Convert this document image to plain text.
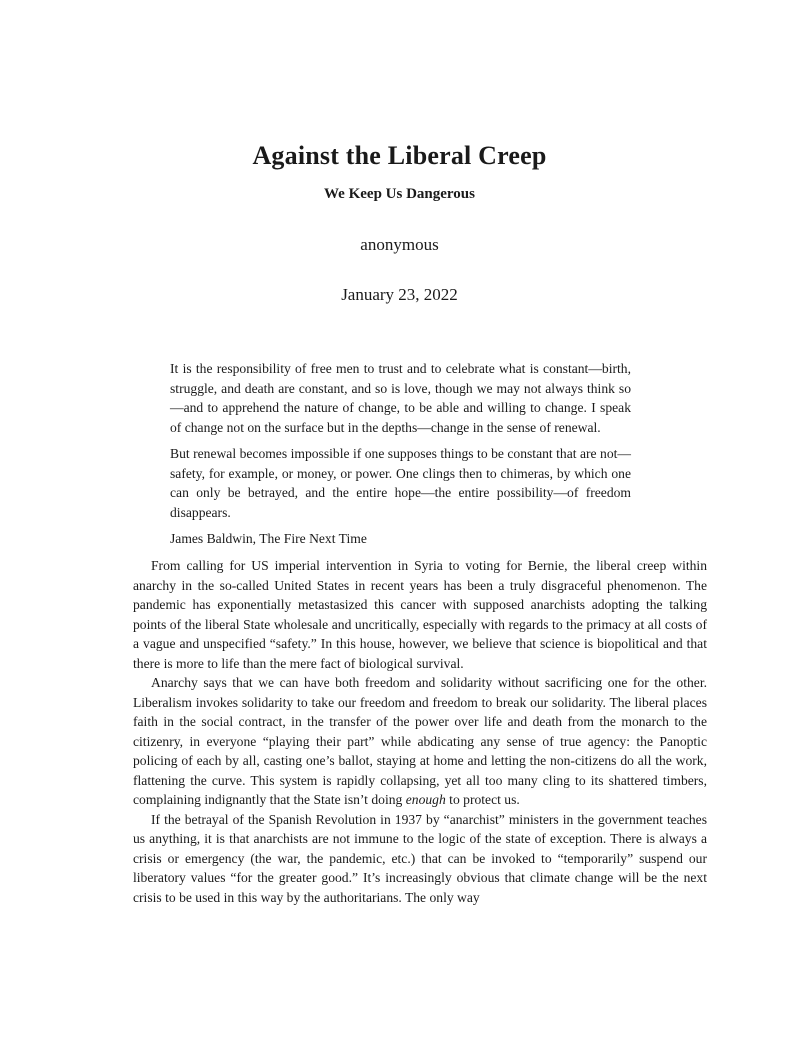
Against the Liberal Creep
We Keep Us Dangerous
anonymous
January 23, 2022

It is the responsibility of free men to trust and to celebrate what is constant—birth, struggle, and death are constant, and so is love, though we may not always think so—and to apprehend the nature of change, to be able and willing to change. I speak of change not on the surface but in the depths—change in the sense of renewal.

But renewal becomes impossible if one supposes things to be constant that are not—safety, for example, or money, or power. One clings then to chimeras, by which one can only be betrayed, and the entire hope—the entire possibility—of freedom disappears.

James Baldwin, The Fire Next Time

From calling for US imperial intervention in Syria to voting for Bernie, the liberal creep within anarchy in the so-called United States in recent years has been a truly disgraceful phenomenon. The pandemic has exponentially metastasized this cancer with supposed anarchists adopting the talking points of the liberal State wholesale and uncritically, especially with regards to the primacy at all costs of a vague and unspecified “safety.” In this house, however, we believe that science is biopolitical and that there is more to life than the mere fact of biological survival.

Anarchy says that we can have both freedom and solidarity without sacrificing one for the other. Liberalism invokes solidarity to take our freedom and freedom to break our solidarity. The liberal places faith in the social contract, in the transfer of the power over life and death from the monarch to the citizenry, in everyone “playing their part” while abdicating any sense of true agency: the Panoptic policing of each by all, casting one’s ballot, staying at home and letting the non-citizens do all the work, flattening the curve. This system is rapidly collapsing, yet all too many cling to its shattered timbers, complaining indignantly that the State isn’t doing enough to protect us.

If the betrayal of the Spanish Revolution in 1937 by “anarchist” ministers in the government teaches us anything, it is that anarchists are not immune to the logic of the state of exception. There is always a crisis or emergency (the war, the pandemic, etc.) that can be invoked to “temporarily” suspend our liberatory values “for the greater good.” It’s increasingly obvious that climate change will be the next crisis to be used in this way by the authoritarians. The only way
